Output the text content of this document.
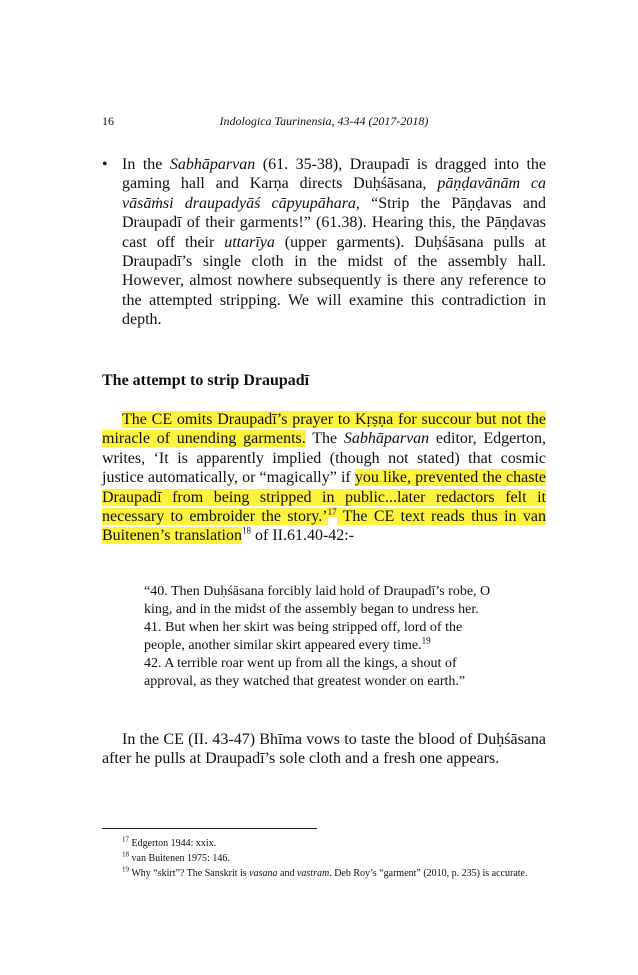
16	Indologica Taurinensia, 43-44 (2017-2018)
• In the Sabhāparvan (61. 35-38), Draupadī is dragged into the gaming hall and Karṇa directs Duḥśāsana, pāṇḍavānām ca vāsāṁsi draupadyāś cāpyupāhara, “Strip the Pāṇḍavas and Draupadī of their garments!” (61.38). Hearing this, the Pāṇḍavas cast off their uttarīya (upper garments). Duḥśāsana pulls at Draupadī’s single cloth in the midst of the assembly hall. However, almost nowhere subsequently is there any reference to the attempted stripping. We will examine this contradiction in depth.
The attempt to strip Draupadī
The CE omits Draupadī’s prayer to Kṛṣṇa for succour but not the miracle of unending garments. The Sabhāparvan editor, Edgerton, writes, ‘It is apparently implied (though not stated) that cosmic justice automatically, or “magically” if you like, prevented the chaste Draupadī from being stripped in public...later redactors felt it necessary to embroider the story.’$^{17}$ The CE text reads thus in van Buitenen’s translation$^{18}$ of II.61.40-42:-

“40. Then Duḥśāsana forcibly laid hold of Draupadī’s robe, O king, and in the midst of the assembly began to undress her.

41. But when her skirt was being stripped off, lord of the people, another similar skirt appeared every time.$^{19}$

42. A terrible roar went up from all the kings, a shout of approval, as they watched that greatest wonder on earth.”

In the CE (II. 43-47) Bhīma vows to taste the blood of Duḥśāsana after he pulls at Draupadī’s sole cloth and a fresh one appears.

$^{17}$ Edgerton 1944: xxix.

$^{18}$ van Buitenen 1975: 146.

$^{19}$ Why “skirt”? The Sanskrit is vasana and vastram. Deb Roy’s “garment” (2010, p. 235) is accurate.
